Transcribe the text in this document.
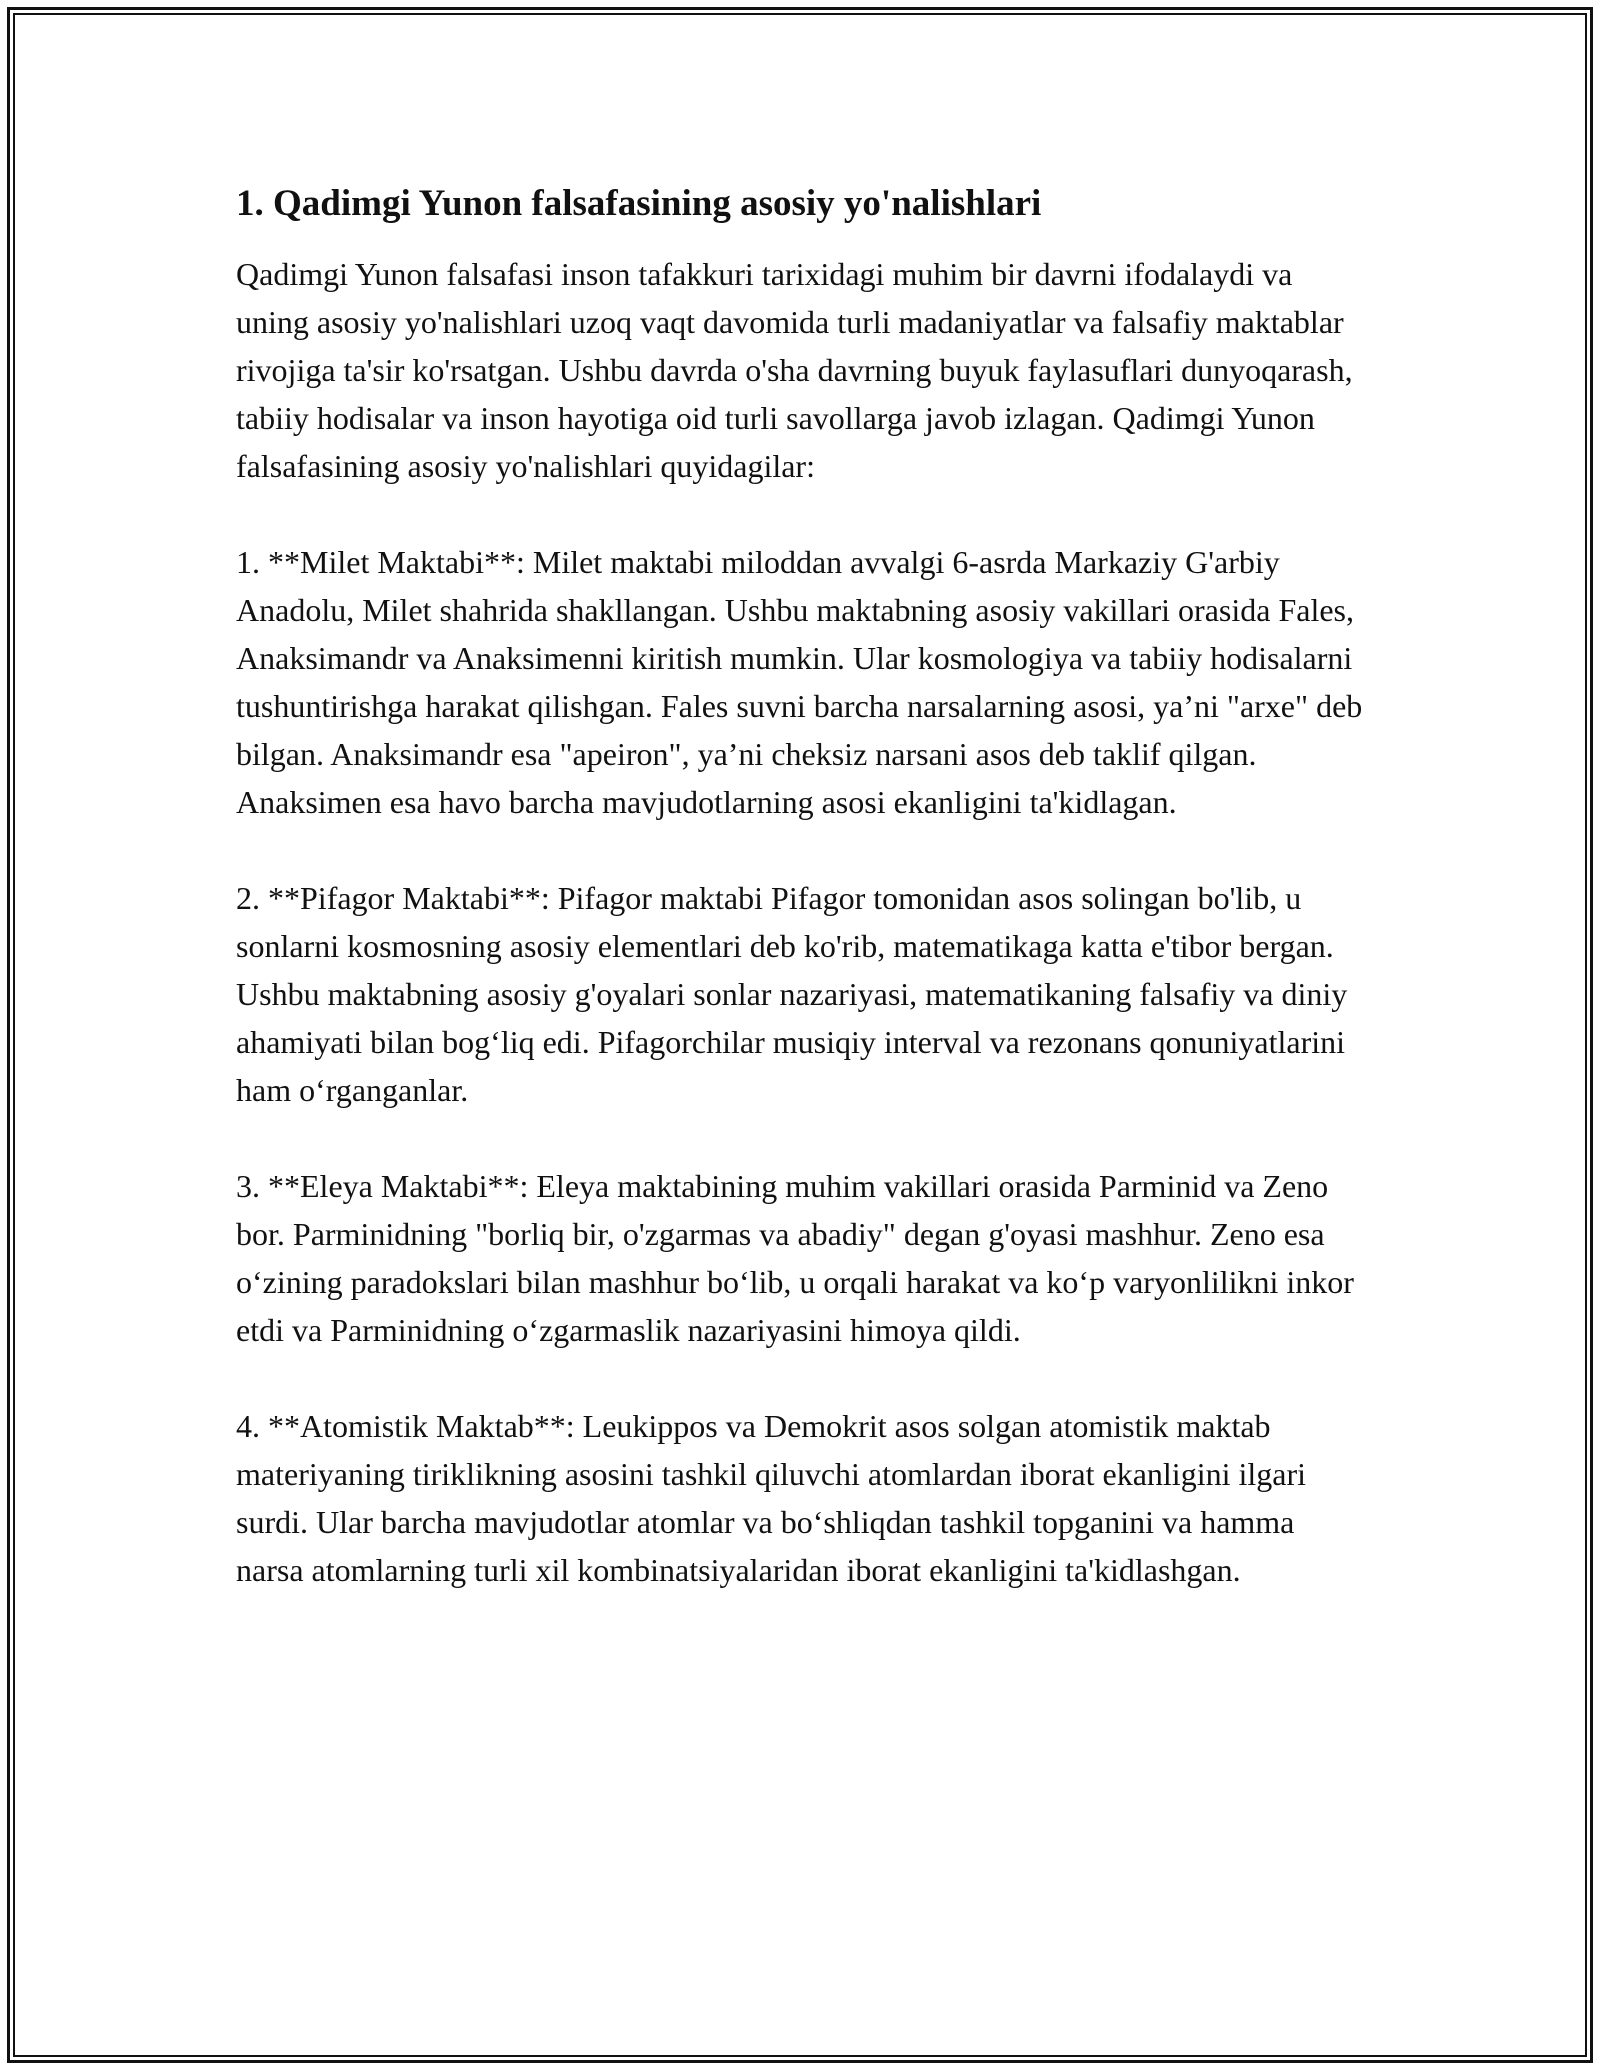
1. Qadimgi Yunon falsafasining asosiy yo'nalishlari

Qadimgi Yunon falsafasi inson tafakkuri tarixidagi muhim bir davrni ifodalaydi va uning asosiy yo'nalishlari uzoq vaqt davomida turli madaniyatlar va falsafiy maktablar rivojiga ta'sir ko'rsatgan. Ushbu davrda o'sha davrning buyuk faylasuflari dunyoqarash, tabiiy hodisalar va inson hayotiga oid turli savollarga javob izlagan. Qadimgi Yunon falsafasining asosiy yo'nalishlari quyidagilar:

1. **Milet Maktabi**: Milet maktabi miloddan avvalgi 6-asrda Markaziy G'arbiy Anadolu, Milet shahrida shakllangan. Ushbu maktabning asosiy vakillari orasida Fales, Anaksimandr va Anaksimenni kiritish mumkin. Ular kosmologiya va tabiiy hodisalarni tushuntirishga harakat qilishgan. Fales suvni barcha narsalarning asosi, ya’ni "arxe" deb bilgan. Anaksimandr esa "apeiron", ya’ni cheksiz narsani asos deb taklif qilgan. Anaksimen esa havo barcha mavjudotlarning asosi ekanligini ta'kidlagan.

2. **Pifagor Maktabi**: Pifagor maktabi Pifagor tomonidan asos solingan bo'lib, u sonlarni kosmosning asosiy elementlari deb ko'rib, matematikaga katta e'tibor bergan. Ushbu maktabning asosiy g'oyalari sonlar nazariyasi, matematikaning falsafiy va diniy ahamiyati bilan bog‘liq edi. Pifagorchilar musiqiy interval va rezonans qonuniyatlarini ham o‘rganganlar.

3. **Eleya Maktabi**: Eleya maktabining muhim vakillari orasida Parminid va Zeno bor. Parminidning "borliq bir, o'zgarmas va abadiy" degan g'oyasi mashhur. Zeno esa o‘zining paradokslari bilan mashhur bo‘lib, u orqali harakat va ko‘p varyonlilikni inkor etdi va Parminidning o‘zgarmaslik nazariyasini himoya qildi.

4. **Atomistik Maktab**: Leukippos va Demokrit asos solgan atomistik maktab materiyaning tiriklikning asosini tashkil qiluvchi atomlardan iborat ekanligini ilgari surdi. Ular barcha mavjudotlar atomlar va bo‘shliqdan tashkil topganini va hamma narsa atomlarning turli xil kombinatsiyalaridan iborat ekanligini ta'kidlashgan.
